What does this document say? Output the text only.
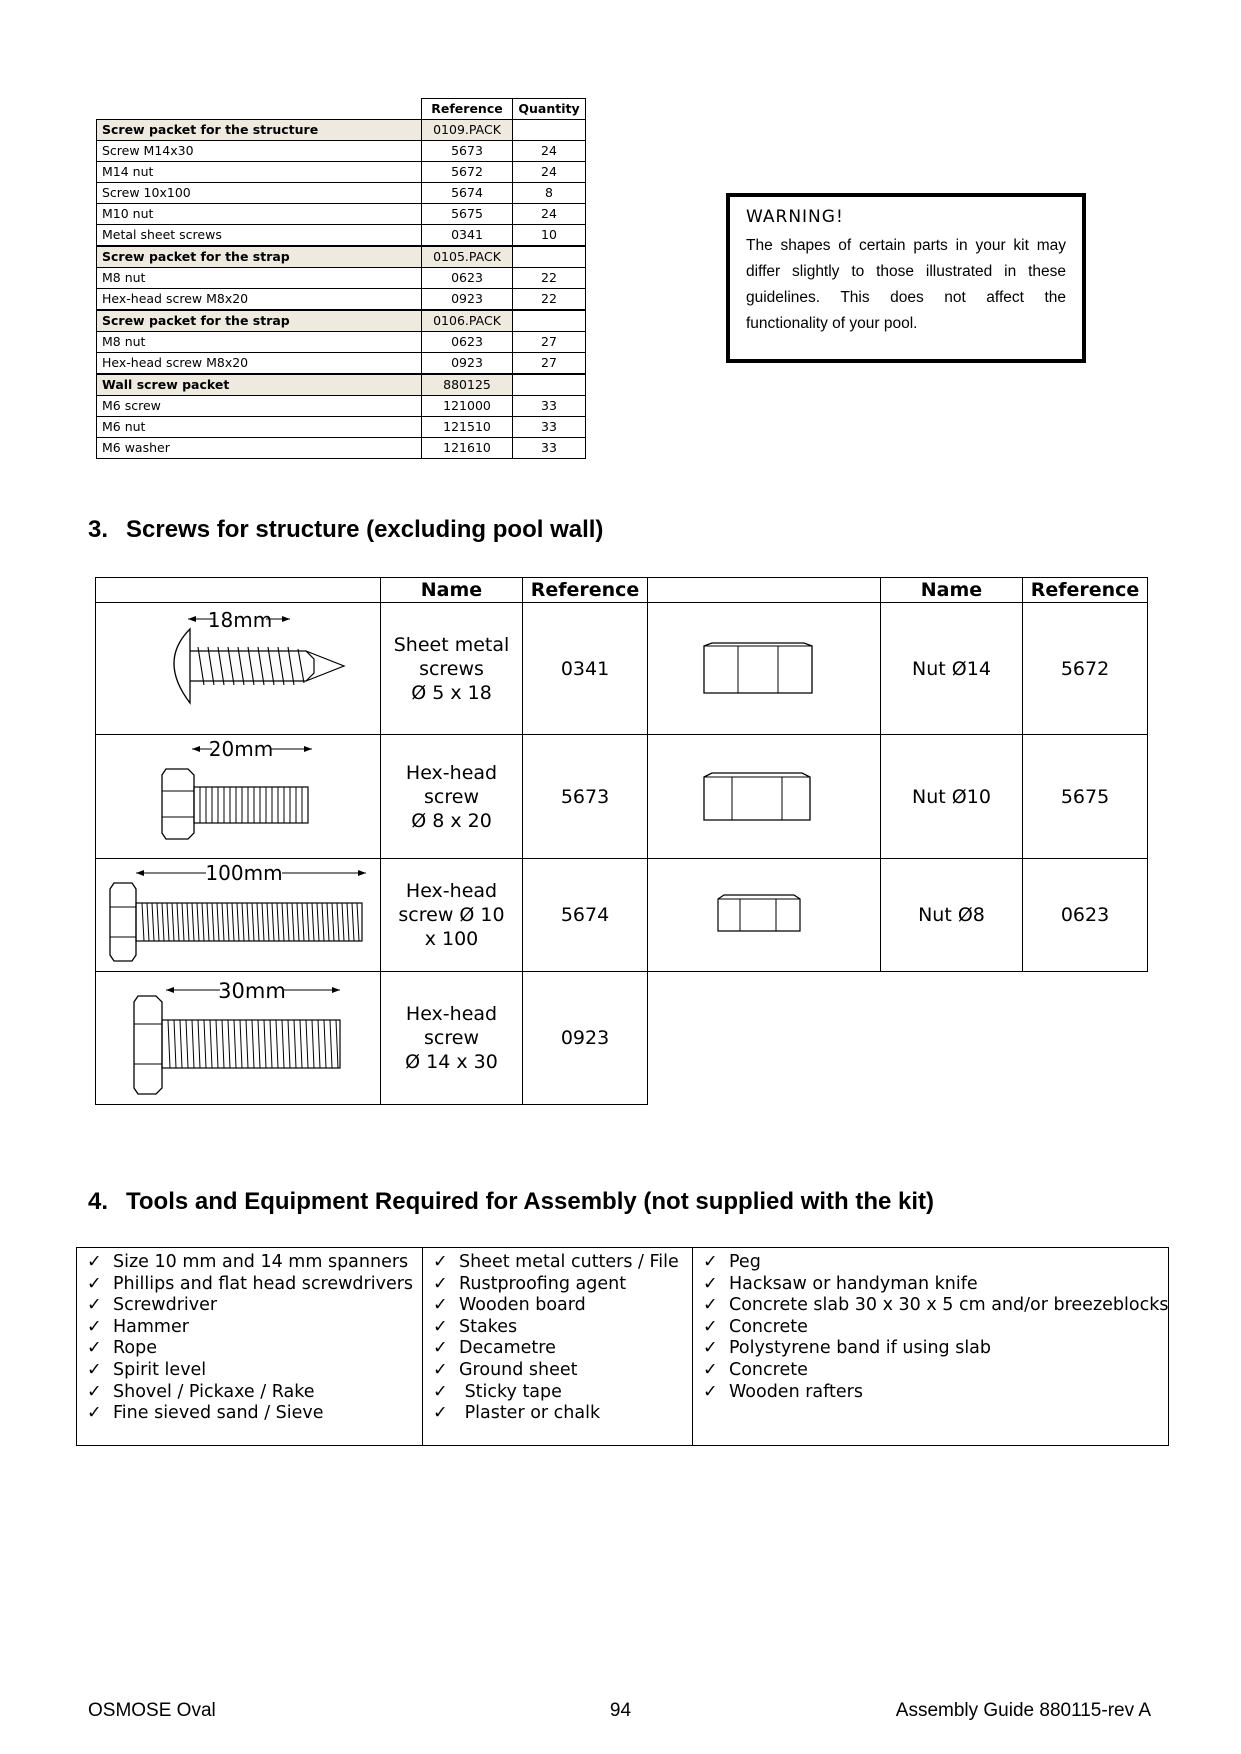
	Reference	Quantity
Screw packet for the structure	0109.PACK	
Screw M14x30	5673	24
M14 nut	5672	24
Screw 10x100	5674	8
M10 nut	5675	24
Metal sheet screws	0341	10
Screw packet for the strap	0105.PACK	
M8 nut	0623	22
Hex-head screw M8x20	0923	22
Screw packet for the strap	0106.PACK	
M8 nut	0623	27
Hex-head screw M8x20	0923	27
Wall screw packet	880125	
M6 screw	121000	33
M6 nut	121510	33
M6 washer	121610	33
WARNING!
The shapes of certain parts in your kit may differ slightly to those illustrated in these guidelines. This does not affect the functionality of your pool.
3. Screws for structure (excluding pool wall)
	Name	Reference		Name	Reference

18mm	Sheet metal
screws
Ø 5 x 18	0341		Nut Ø14	5672

20mm	Hex-head
screw
Ø 8 x 20	5673		Nut Ø10	5675

100mm	Hex-head
screw Ø 10
x 100	5674		Nut Ø8	0623

30mm	Hex-head
screw
Ø 14 x 30	0923			
4. Tools and Equipment Required for Assembly (not supplied with the kit)
✓ Size 10 mm and 14 mm spanners
✓ Phillips and flat head screwdrivers
✓ Screwdriver
✓ Hammer
✓ Rope
✓ Spirit level
✓ Shovel / Pickaxe / Rake
✓ Fine sieved sand / Sieve

✓ Sheet metal cutters / File
✓ Rustproofing agent
✓ Wooden board
✓ Stakes
✓ Decametre
✓ Ground sheet
✓ Sticky tape
✓ Plaster or chalk

✓ Peg
✓ Hacksaw or handyman knife
✓ Concrete slab 30 x 30 x 5 cm and/or breezeblocks
✓ Concrete
✓ Polystyrene band if using slab
✓ Concrete
✓ Wooden rafters
OSMOSE Oval	94	Assembly Guide 880115-rev A
